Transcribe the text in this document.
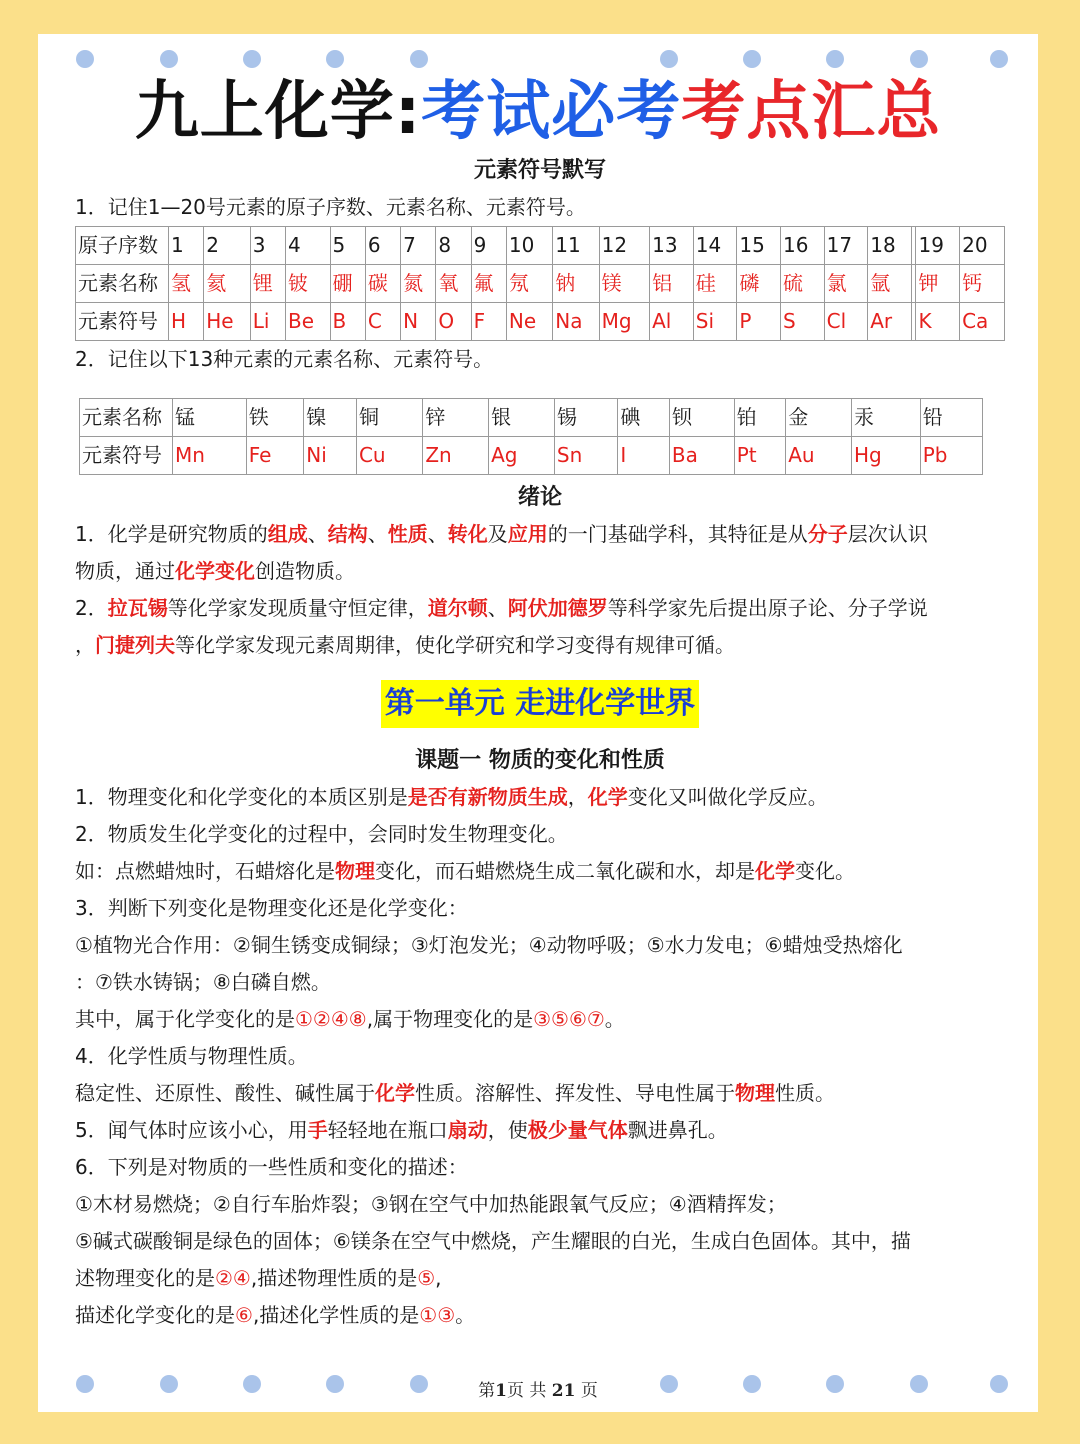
九上化学:考试必考考点汇总
元素符号默写

1．记住1—20号元素的原子序数、元素名称、元素符号。

原子序数	1	2	3	4	5	6	7	8	9	10	11	12	13	14	15	16	17	18		19	20
元素名称	氢	氦	锂	铍	硼	碳	氮	氧	氟	氖	钠	镁	铝	硅	磷	硫	氯	氩		钾	钙
元素符号	H	He	Li	Be	B	C	N	O	F	Ne	Na	Mg	Al	Si	P	S	Cl	Ar		K	Ca

2．记住以下13种元素的元素名称、元素符号。

元素名称	锰	铁	镍	铜	锌	银	锡	碘	钡	铂	金	汞	铅
元素符号	Mn	Fe	Ni	Cu	Zn	Ag	Sn	I	Ba	Pt	Au	Hg	Pb
绪论

1．化学是研究物质的组成、结构、性质、转化及应用的一门基础学科，其特征是从分子层次认识
物质，通过化学变化创造物质。

2．拉瓦锡等化学家发现质量守恒定律，道尔顿、阿伏加德罗等科学家先后提出原子论、分子学说
，门捷列夫等化学家发现元素周期律，使化学研究和学习变得有规律可循。

第一单元 走进化学世界
课题一 物质的变化和性质

1．物理变化和化学变化的本质区别是是否有新物质生成，化学变化又叫做化学反应。

2．物质发生化学变化的过程中，会同时发生物理变化。

如：点燃蜡烛时，石蜡熔化是物理变化，而石蜡燃烧生成二氧化碳和水，却是化学变化。

3．判断下列变化是物理变化还是化学变化：

①植物光合作用：②铜生锈变成铜绿；③灯泡发光；④动物呼吸；⑤水力发电；⑥蜡烛受热熔化

：⑦铁水铸锅；⑧白磷自燃。

其中，属于化学变化的是①②④⑧,属于物理变化的是③⑤⑥⑦。

4．化学性质与物理性质。

稳定性、还原性、酸性、碱性属于化学性质。溶解性、挥发性、导电性属于物理性质。

5．闻气体时应该小心，用手轻轻地在瓶口扇动，使极少量气体飘进鼻孔。

6．下列是对物质的一些性质和变化的描述：

①木材易燃烧；②自行车胎炸裂；③钢在空气中加热能跟氧气反应；④酒精挥发；

⑤碱式碳酸铜是绿色的固体；⑥镁条在空气中燃烧，产生耀眼的白光，生成白色固体。其中，描

述物理变化的是②④,描述物理性质的是⑤,

描述化学变化的是⑥,描述化学性质的是①③。

第1页 共 21 页
